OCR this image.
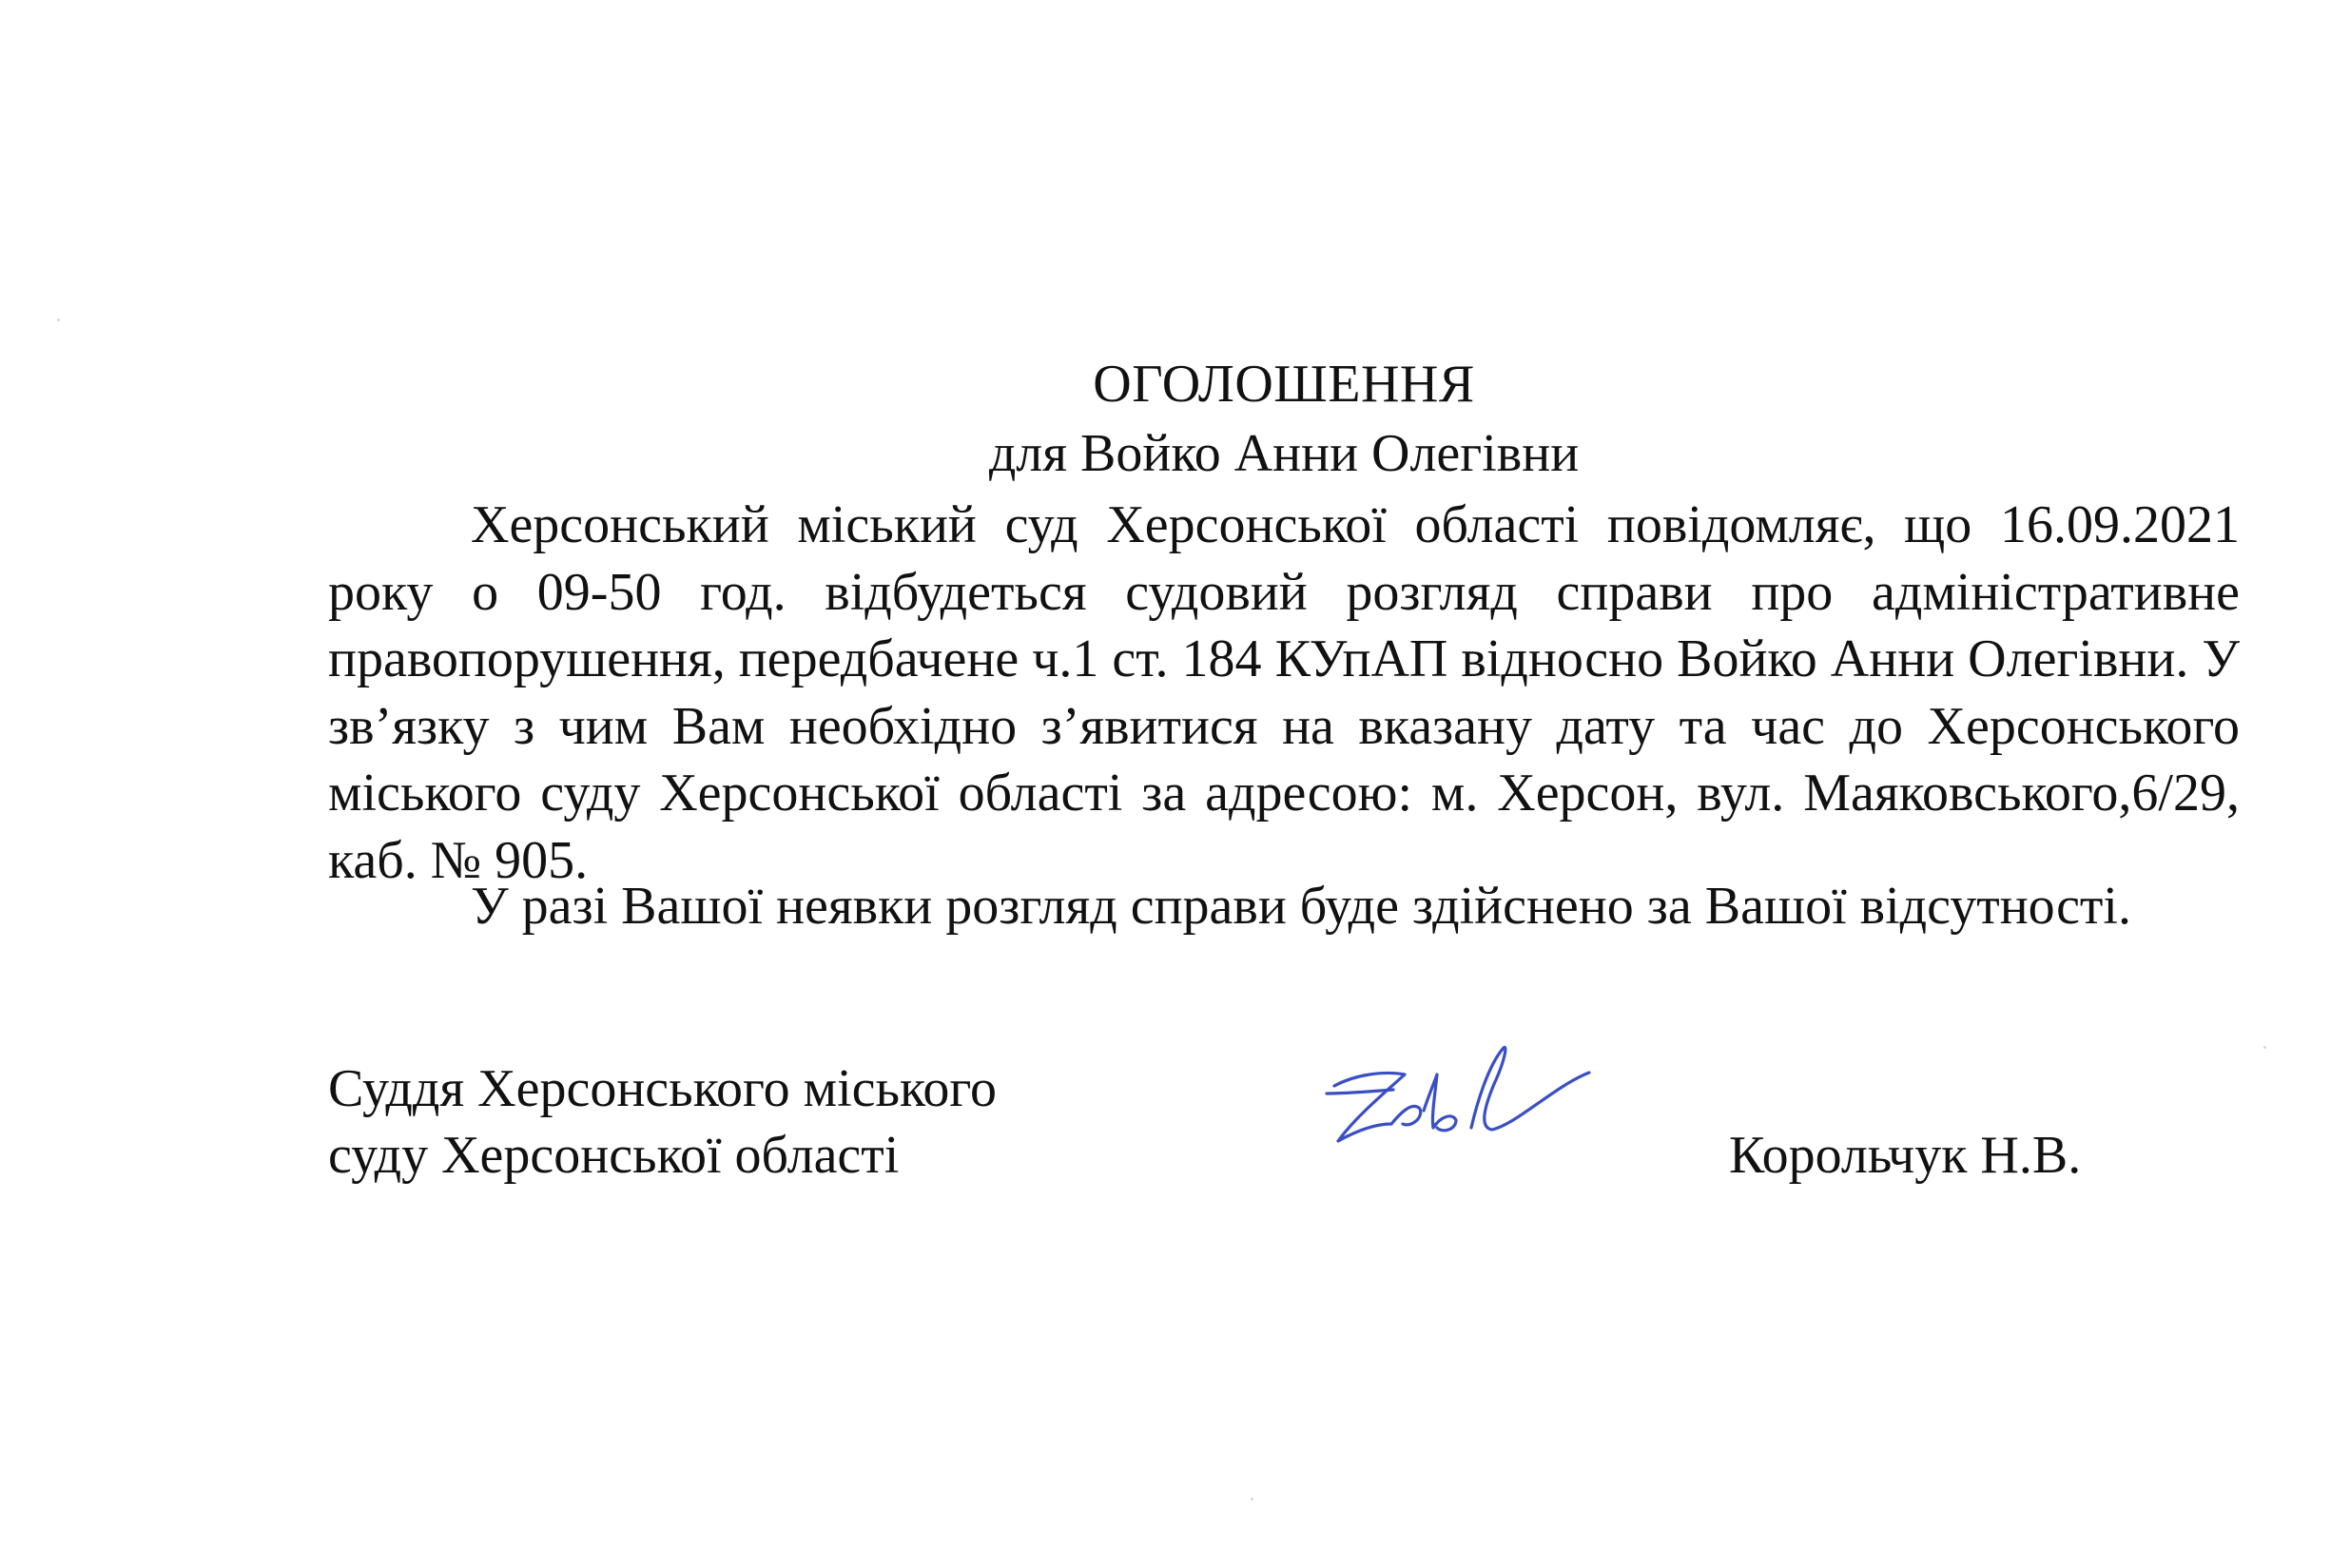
ОГОЛОШЕННЯ
для Войко Анни Олегівни

Херсонський міський суд Херсонської області повідомляє, що 16.09.2021 року о 09-50 год. відбудеться судовий розгляд справи про адміністративне правопорушення, передбачене ч.1 ст. 184 КУпАП відносно Войко Анни Олегівни. У зв’язку з чим Вам необхідно з’явитися на вказану дату та час до Херсонського міського суду Херсонської області за адресою: м. Херсон, вул. Маяковського,6/29, каб. № 905.

У разі Вашої неявки розгляд справи буде здійснено за Вашої відсутності.

Суддя Херсонського міського
суду Херсонської області	Корольчук Н.В.
